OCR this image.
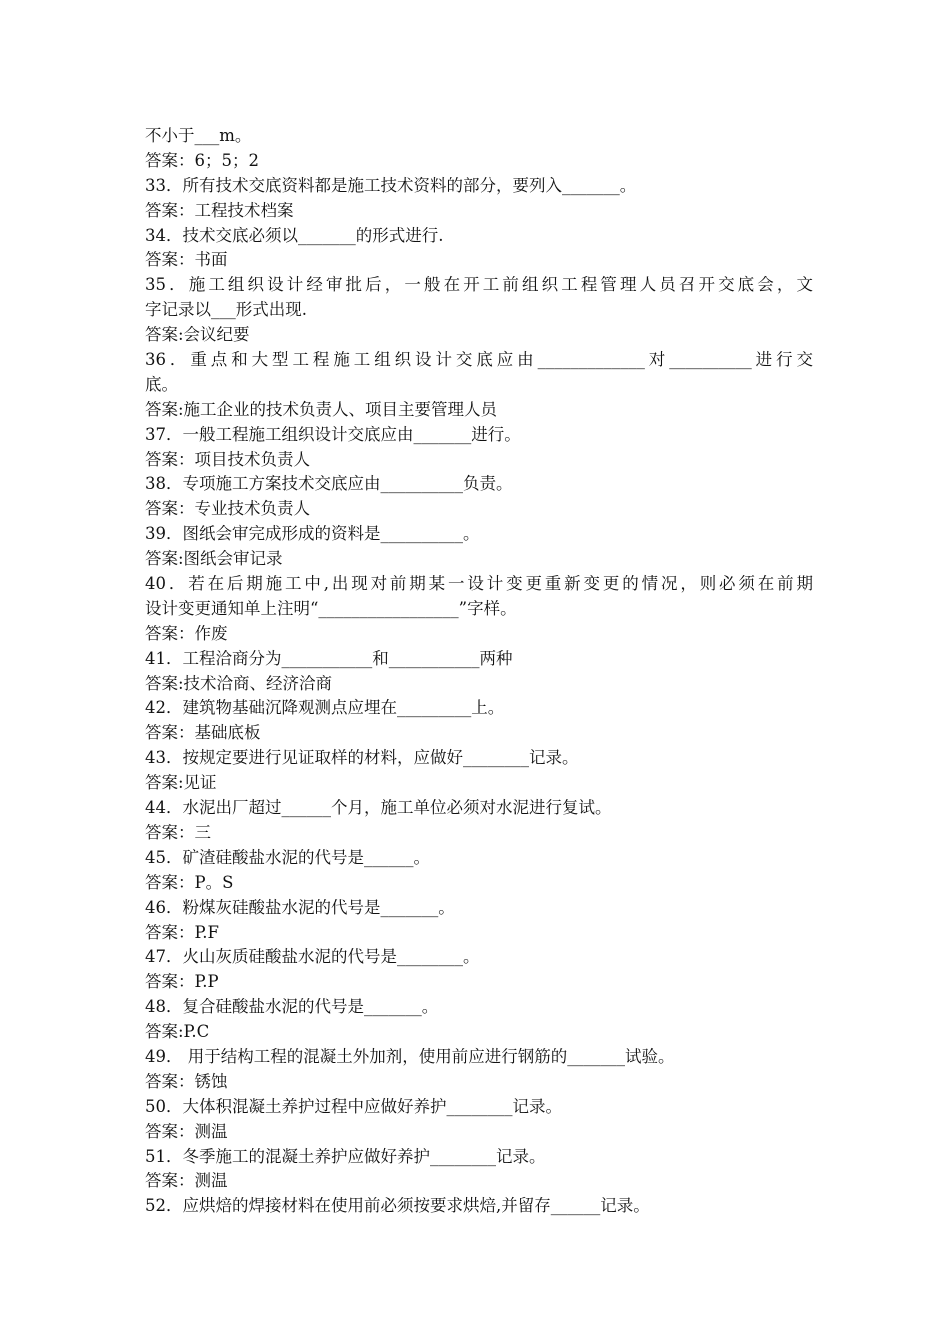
不小于___m。
答案：6；5；2
33．所有技术交底资料都是施工技术资料的部分，要列入_______。
答案：工程技术档案
34．技术交底必须以_______的形式进行.
答案：书面
35．施工组织设计经审批后，一般在开工前组织工程管理人员召开交底会，文
字记录以___形式出现.
答案:会议纪要
36．重点和大型工程施工组织设计交底应由_____________对__________进行交
底。
答案:施工企业的技术负责人、项目主要管理人员
37．一般工程施工组织设计交底应由_______进行。
答案：项目技术负责人
38．专项施工方案技术交底应由__________负责。
答案：专业技术负责人
39．图纸会审完成形成的资料是__________。
答案:图纸会审记录
40．若在后期施工中,出现对前期某一设计变更重新变更的情况，则必须在前期
设计变更通知单上注明“_________________”字样。
答案：作废
41．工程洽商分为___________和___________两种
答案:技术洽商、经济洽商
42．建筑物基础沉降观测点应埋在_________上。
答案：基础底板
43．按规定要进行见证取样的材料，应做好________记录。
答案:见证
44．水泥出厂超过______个月，施工单位必须对水泥进行复试。
答案：三
45．矿渣硅酸盐水泥的代号是______。
答案：P。S
46．粉煤灰硅酸盐水泥的代号是_______。
答案：P.F
47．火山灰质硅酸盐水泥的代号是________。
答案：P.P
48．复合硅酸盐水泥的代号是_______。
答案:P.C
49． 用于结构工程的混凝土外加剂，使用前应进行钢筋的_______试验。
答案：锈蚀
50．大体积混凝土养护过程中应做好养护________记录。
答案：测温
51．冬季施工的混凝土养护应做好养护________记录。
答案：测温
52．应烘焙的焊接材料在使用前必须按要求烘焙,并留存______记录。
